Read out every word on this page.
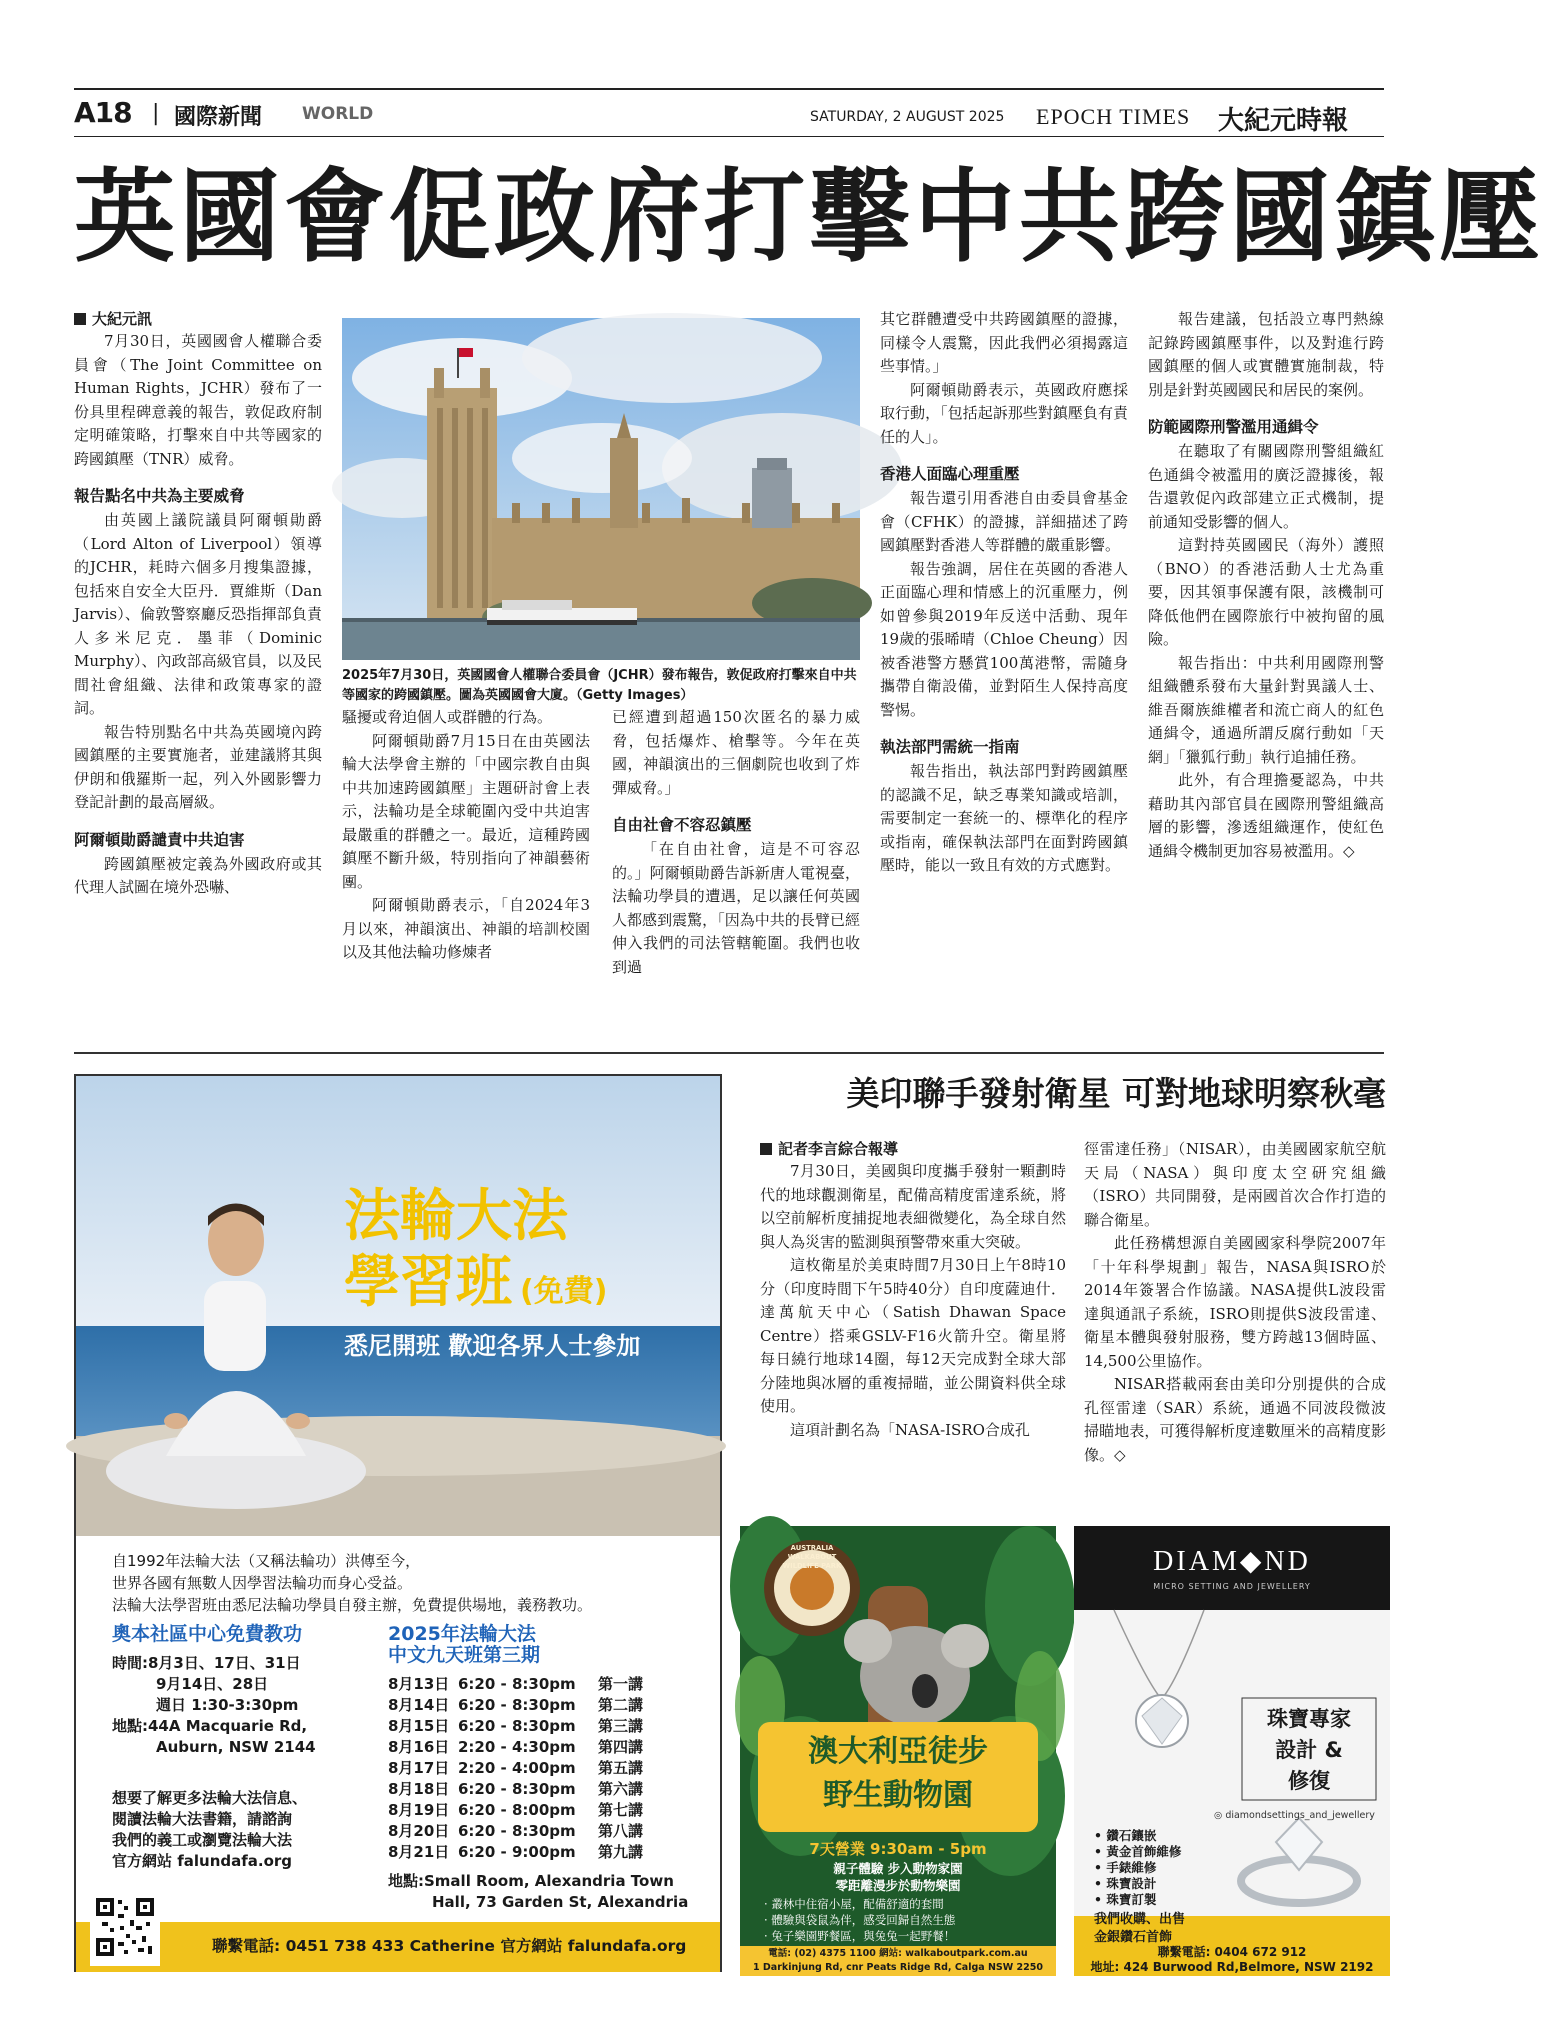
A18 | 國際新聞 WORLD	SATURDAY, 2 AUGUST 2025 EPOCH TIMES 大紀元時報
英國會促政府打擊中共跨國鎮壓
大紀元訊

7月30日，英國國會人權聯合委員會（The Joint Committee on Human Rights，JCHR）發布了一份具里程碑意義的報告，敦促政府制定明確策略，打擊來自中共等國家的跨國鎮壓（TNR）威脅。

報告點名中共為主要威脅

由英國上議院議員阿爾頓勛爵（Lord Alton of Liverpool）領導的JCHR，耗時六個多月搜集證據，包括來自安全大臣丹．賈維斯（Dan Jarvis）、倫敦警察廳反恐指揮部負責人多米尼克．墨菲（Dominic Murphy）、內政部高級官員，以及民間社會組織、法律和政策專家的證詞。

報告特別點名中共為英國境內跨國鎮壓的主要實施者，並建議將其與伊朗和俄羅斯一起，列入外國影響力登記計劃的最高層級。

阿爾頓勛爵譴責中共迫害

跨國鎮壓被定義為外國政府或其代理人試圖在境外恐嚇、

2025年7月30日，英國國會人權聯合委員會（JCHR）發布報告，敦促政府打擊來自中共等國家的跨國鎮壓。圖為英國國會大廈。（Getty Images）

騷擾或脅迫個人或群體的行為。

阿爾頓勛爵7月15日在由英國法輪大法學會主辦的「中國宗教自由與中共加速跨國鎮壓」主題研討會上表示，法輪功是全球範圍內受中共迫害最嚴重的群體之一。最近，這種跨國鎮壓不斷升級，特別指向了神韻藝術團。

阿爾頓勛爵表示，「自2024年3月以來，神韻演出、神韻的培訓校園以及其他法輪功修煉者

已經遭到超過150次匿名的暴力威脅，包括爆炸、槍擊等。今年在英國，神韻演出的三個劇院也收到了炸彈威脅。」

自由社會不容忍鎮壓

「在自由社會，這是不可容忍的。」阿爾頓勛爵告訴新唐人電視臺，法輪功學員的遭遇，足以讓任何英國人都感到震驚，「因為中共的長臂已經伸入我們的司法管轄範圍。我們也收到過

其它群體遭受中共跨國鎮壓的證據，同樣令人震驚，因此我們必須揭露這些事情。」

阿爾頓勛爵表示，英國政府應採取行動，「包括起訴那些對鎮壓負有責任的人」。

香港人面臨心理重壓

報告還引用香港自由委員會基金會（CFHK）的證據，詳細描述了跨國鎮壓對香港人等群體的嚴重影響。

報告強調，居住在英國的香港人正面臨心理和情感上的沉重壓力，例如曾參與2019年反送中活動、現年19歲的張晞晴（Chloe Cheung）因被香港警方懸賞100萬港幣，需隨身攜帶自衛設備，並對陌生人保持高度警惕。

執法部門需統一指南

報告指出，執法部門對跨國鎮壓的認識不足，缺乏專業知識或培訓，需要制定一套統一的、標準化的程序或指南，確保執法部門在面對跨國鎮壓時，能以一致且有效的方式應對。

報告建議，包括設立專門熱線記錄跨國鎮壓事件，以及對進行跨國鎮壓的個人或實體實施制裁，特別是針對英國國民和居民的案例。

防範國際刑警濫用通緝令

在聽取了有關國際刑警組織紅色通緝令被濫用的廣泛證據後，報告還敦促內政部建立正式機制，提前通知受影響的個人。

這對持英國國民（海外）護照（BNO）的香港活動人士尤為重要，因其領事保護有限，該機制可降低他們在國際旅行中被拘留的風險。

報告指出：中共利用國際刑警組織體系發布大量針對異議人士、維吾爾族維權者和流亡商人的紅色通緝令，通過所謂反腐行動如「天網」「獵狐行動」執行追捕任務。

此外，有合理擔憂認為，中共藉助其內部官員在國際刑警組織高層的影響，滲透組織運作，使紅色通緝令機制更加容易被濫用。◇

法輪大法
學習班 (免費)
悉尼開班 歡迎各界人士參加
自1992年法輪大法（又稱法輪功）洪傳至今，
世界各國有無數人因學習法輪功而身心受益。
法輪大法學習班由悉尼法輪功學員自發主辦，免費提供場地，義務教功。
奧本社區中心免費教功
時間:8月3日、17日、31日
9月14日、28日
週日 1:30-3:30pm
地點:44A Macquarie Rd,
Auburn, NSW 2144
想要了解更多法輪大法信息、
閱讀法輪大法書籍，請諮詢
我們的義工或瀏覽法輪大法
官方網站 falundafa.org
2025年法輪大法
中文九天班第三期
8月13日 6:20 - 8:30pm 第一講
8月14日 6:20 - 8:30pm 第二講
8月15日 6:20 - 8:30pm 第三講
8月16日 2:20 - 4:30pm 第四講
8月17日 2:20 - 4:00pm 第五講
8月18日 6:20 - 8:30pm 第六講
8月19日 6:20 - 8:00pm 第七講
8月20日 6:20 - 8:30pm 第八講
8月21日 6:20 - 9:00pm 第九講
地點:Small Room, Alexandria Town
Hall, 73 Garden St, Alexandria
聯繫電話: 0451 738 433 Catherine 官方網站 falundafa.org
美印聯手發射衛星 可對地球明察秋毫
記者李言綜合報導

7月30日，美國與印度攜手發射一顆劃時代的地球觀測衛星，配備高精度雷達系統，將以空前解析度捕捉地表細微變化，為全球自然與人為災害的監測與預警帶來重大突破。

這枚衛星於美東時間7月30日上午8時10分（印度時間下午5時40分）自印度薩迪什．達萬航天中心（Satish Dhawan Space Centre）搭乘GSLV-F16火箭升空。衛星將每日繞行地球14圈，每12天完成對全球大部分陸地與冰層的重複掃瞄，並公開資料供全球使用。

這項計劃名為「NASA-ISRO合成孔

徑雷達任務」（NISAR），由美國國家航空航天局（NASA）與印度太空研究組織（ISRO）共同開發，是兩國首次合作打造的聯合衛星。

此任務構想源自美國國家科學院2007年「十年科學規劃」報告，NASA與ISRO於2014年簽署合作協議。NASA提供L波段雷達與通訊子系統，ISRO則提供S波段雷達、衛星本體與發射服務，雙方跨越13個時區、14,500公里協作。

NISAR搭載兩套由美印分別提供的合成孔徑雷達（SAR）系統，通過不同波段微波掃瞄地表，可獲得解析度達數厘米的高精度影像。◇

AUSTRALIA WALKABOUT WILDLIFE PARK
澳大利亞徒步
野生動物園
7天營業 9:30am - 5pm
親子體驗 步入動物家園
零距離漫步於動物樂園
· 叢林中住宿小屋，配備舒適的套間
· 體驗與袋鼠為伴，感受回歸自然生態
· 兔子樂園野餐區，與兔兔一起野餐！
電話: (02) 4375 1100 網站: walkaboutpark.com.au
1 Darkinjung Rd, cnr Peats Ridge Rd, Calga NSW 2250
DIAM◆ND
MICRO SETTING AND JEWELLERY
珠寶專家
設計 &
修復
◎ diamondsettings_and_jewellery
• 鑽石鑲嵌
• 黃金首飾維修
• 手錶維修
• 珠寶設計
• 珠寶訂製
我們收購、出售
金銀鑽石首飾
聯繫電話: 0404 672 912
地址: 424 Burwood Rd,Belmore, NSW 2192
